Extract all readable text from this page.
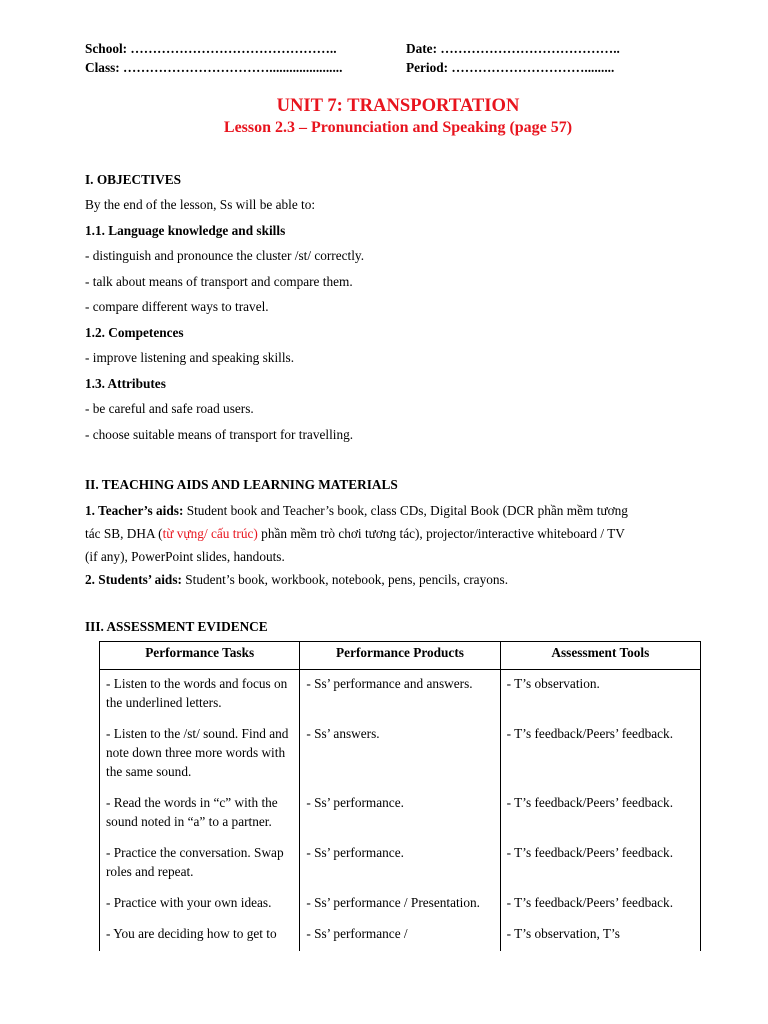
School: ………………………………………..	Date: …………………………………..
Class: ……………………………......................	Period: ………………………….........
UNIT 7: TRANSPORTATION
Lesson 2.3 – Pronunciation and Speaking (page 57)
I. OBJECTIVES
By the end of the lesson, Ss will be able to:
1.1. Language knowledge and skills
- distinguish and pronounce the cluster /st/ correctly.
- talk about means of transport and compare them.
- compare different ways to travel.
1.2. Competences
- improve listening and speaking skills.
1.3. Attributes
- be careful and safe road users.
- choose suitable means of transport for travelling.
II. TEACHING AIDS AND LEARNING MATERIALS
1. Teacher’s aids: Student book and Teacher’s book, class CDs, Digital Book (DCR phần mềm tương
tác SB, DHA (từ vựng/ cấu trúc) phần mềm trò chơi tương tác), projector/interactive whiteboard / TV
(if any), PowerPoint slides, handouts.
2. Students’ aids: Student’s book, workbook, notebook, pens, pencils, crayons.
III. ASSESSMENT EVIDENCE
Performance Tasks	Performance Products	Assessment Tools
- Listen to the words and focus on the underlined letters.	- Ss’ performance and answers.	- T’s observation.
- Listen to the /st/ sound. Find and note down three more words with the same sound.	- Ss’ answers.	- T’s feedback/Peers’ feedback.
- Read the words in “c” with the sound noted in “a” to a partner.	- Ss’ performance.	- T’s feedback/Peers’ feedback.
- Practice the conversation. Swap roles and repeat.	- Ss’ performance.	- T’s feedback/Peers’ feedback.
- Practice with your own ideas.	- Ss’ performance / Presentation.	- T’s feedback/Peers’ feedback.
- You are deciding how to get to	- Ss’ performance /	- T’s observation, T’s
